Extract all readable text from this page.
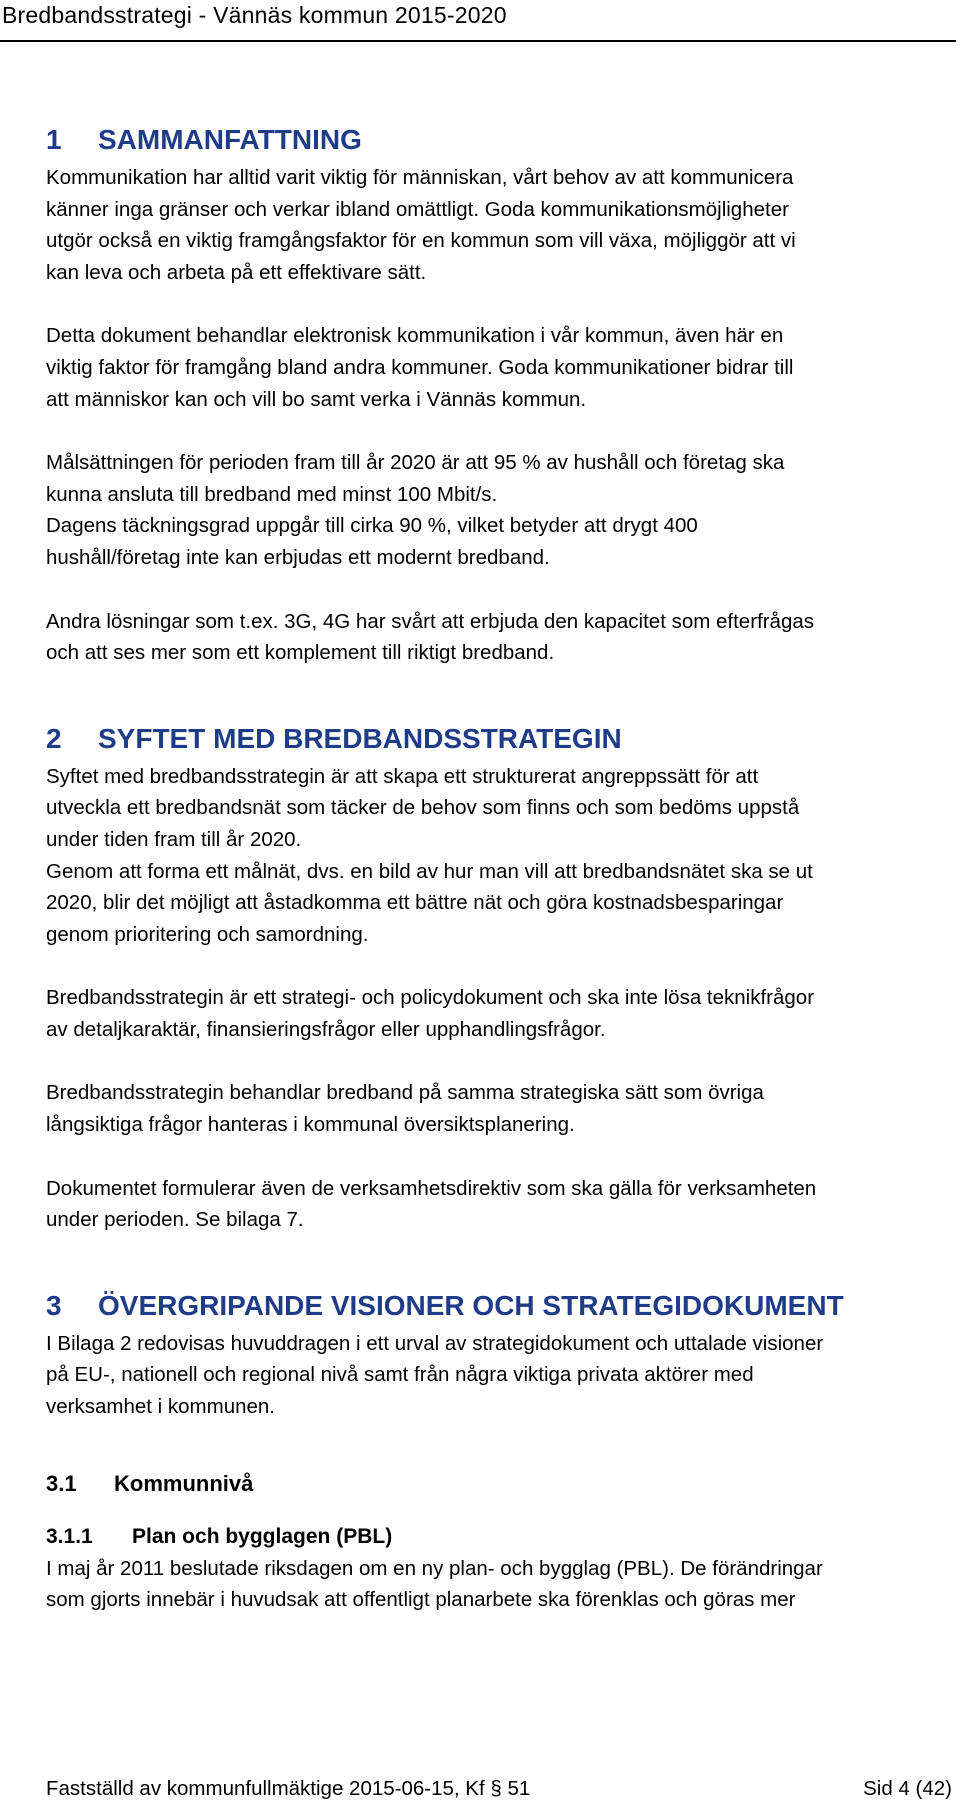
Bredbandsstrategi - Vännäs kommun 2015-2020
1	SAMMANFATTNING

Kommunikation har alltid varit viktig för människan, vårt behov av att kommunicera
känner inga gränser och verkar ibland omättligt. Goda kommunikationsmöjligheter
utgör också en viktig framgångsfaktor för en kommun som vill växa, möjliggör att vi
kan leva och arbeta på ett effektivare sätt.

Detta dokument behandlar elektronisk kommunikation i vår kommun, även här en
viktig faktor för framgång bland andra kommuner. Goda kommunikationer bidrar till
att människor kan och vill bo samt verka i Vännäs kommun.

Målsättningen för perioden fram till år 2020 är att 95 % av hushåll och företag ska
kunna ansluta till bredband med minst 100 Mbit/s.
Dagens täckningsgrad uppgår till cirka 90 %, vilket betyder att drygt 400
hushåll/företag inte kan erbjudas ett modernt bredband.

Andra lösningar som t.ex. 3G, 4G har svårt att erbjuda den kapacitet som efterfrågas
och att ses mer som ett komplement till riktigt bredband.

2	SYFTET MED BREDBANDSSTRATEGIN

Syftet med bredbandsstrategin är att skapa ett strukturerat angreppssätt för att
utveckla ett bredbandsnät som täcker de behov som finns och som bedöms uppstå
under tiden fram till år 2020.
Genom att forma ett målnät, dvs. en bild av hur man vill att bredbandsnätet ska se ut
2020, blir det möjligt att åstadkomma ett bättre nät och göra kostnadsbesparingar
genom prioritering och samordning.

Bredbandsstrategin är ett strategi- och policydokument och ska inte lösa teknikfrågor
av detaljkaraktär, finansieringsfrågor eller upphandlingsfrågor.

Bredbandsstrategin behandlar bredband på samma strategiska sätt som övriga
långsiktiga frågor hanteras i kommunal översiktsplanering.

Dokumentet formulerar även de verksamhetsdirektiv som ska gälla för verksamheten
under perioden. Se bilaga 7.

3	ÖVERGRIPANDE VISIONER OCH STRATEGIDOKUMENT

I Bilaga 2 redovisas huvuddragen i ett urval av strategidokument och uttalade visioner
på EU-, nationell och regional nivå samt från några viktiga privata aktörer med
verksamhet i kommunen.

3.1	Kommunnivå
3.1.1	Plan och bygglagen (PBL)

I maj år 2011 beslutade riksdagen om en ny plan- och bygglag (PBL). De förändringar
som gjorts innebär i huvudsak att offentligt planarbete ska förenklas och göras mer

Fastställd av kommunfullmäktige 2015-06-15, Kf § 51	Sid 4 (42)
